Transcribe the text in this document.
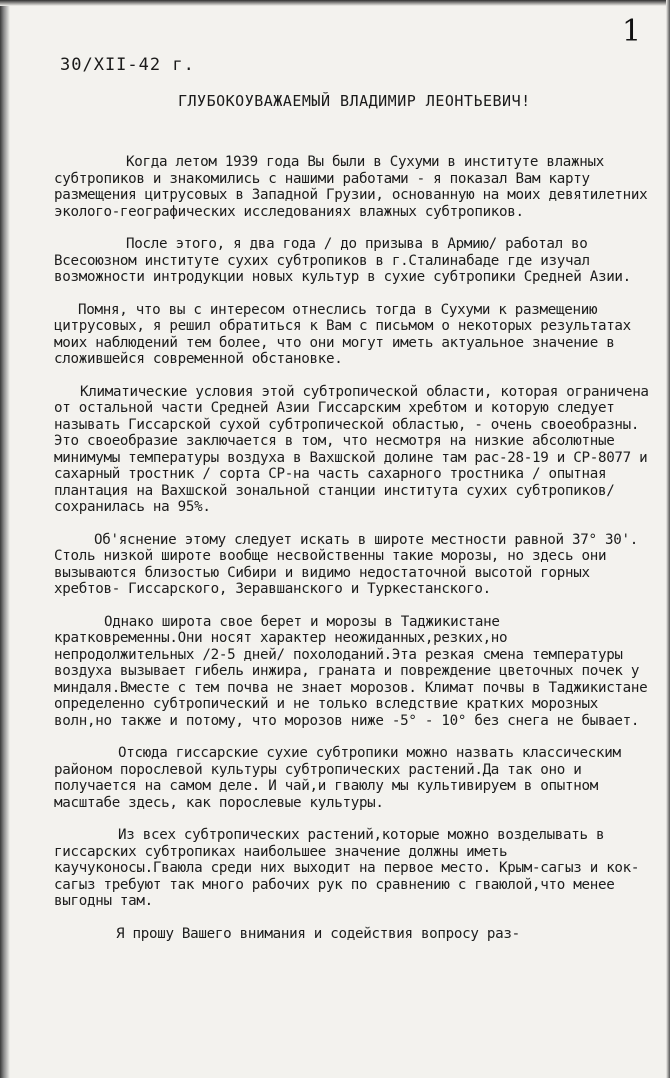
1
30/XII-42 г.
ГЛУБОКОУВАЖАЕМЫЙ ВЛАДИМИР ЛЕОНТЬЕВИЧ!

Когда летом 1939 года Вы были в Сухуми в институте влажных субтропиков и знакомились с нашими работами - я показал Вам карту размещения цитрусовых в Западной Грузии, основанную на моих девятилетних эколого-географических исследованиях влажных субтропиков.

После этого, я два года / до призыва в Армию/ работал во Всесоюзном институте сухих субтропиков в г.Сталинабаде где изучал возможности интродукции новых культур в сухие субтропики Средней Азии.

Помня, что вы с интересом отнеслись тогда в Сухуми к размещению цитрусовых, я решил обратиться к Вам с письмом о некоторых результатах моих наблюдений тем более, что они могут иметь актуальное значение в сложившейся современной обстановке.

Климатические условия этой субтропической области, которая ограничена от остальной части Средней Азии Гиссарским хребтом и которую следует называть Гиссарской сухой субтропической областью, - очень своеобразны. Это своеобразие заключается в том, что несмотря на низкие абсолютные минимумы температуры воздуха в Вахшской долине там рас-28-19 и СР-8077 и сахарный тростник / сорта СР-на часть сахарного тростника / опытная плантация на Вахшской зональной станции института сухих субтропиков/ сохранилась на 95%.

Об'яснение этому следует искать в широте местности равной 37° 30'. Столь низкой широте вообще несвойственны такие морозы, но здесь они вызываются близостью Сибири и видимо недостаточной высотой горных хребтов- Гиссарского, Зеравшанского и Туркестанского.

Однако широта свое берет и морозы в Таджикистане кратковременны.Они носят характер неожиданных,резких,но непродолжительных /2-5 дней/ похолоданий.Эта резкая смена температуры воздуха вызывает гибель инжира, граната и повреждение цветочных почек у миндаля.Вместе с тем почва не знает морозов. Климат почвы в Таджикистане определенно субтропический и не только вследствие кратких морозных волн,но также и потому, что морозов ниже -5° - 10° без снега не бывает.

Отсюда гиссарские сухие субтропики можно назвать классическим районом порослевой культуры субтропических растений.Да так оно и получается на самом деле. И чай,и гваюлу мы культивируем в опытном масштабе здесь, как порослевые культуры.

Из всех субтропических растений,которые можно возделывать в гиссарских субтропиках наибольшее значение должны иметь каучуконосы.Гваюла среди них выходит на первое место. Крым-сагыз и кок-сагыз требуют так много рабочих рук по сравнению с гваюлой,что менее выгодны там.

Я прошу Вашего внимания и содействия вопросу раз-
